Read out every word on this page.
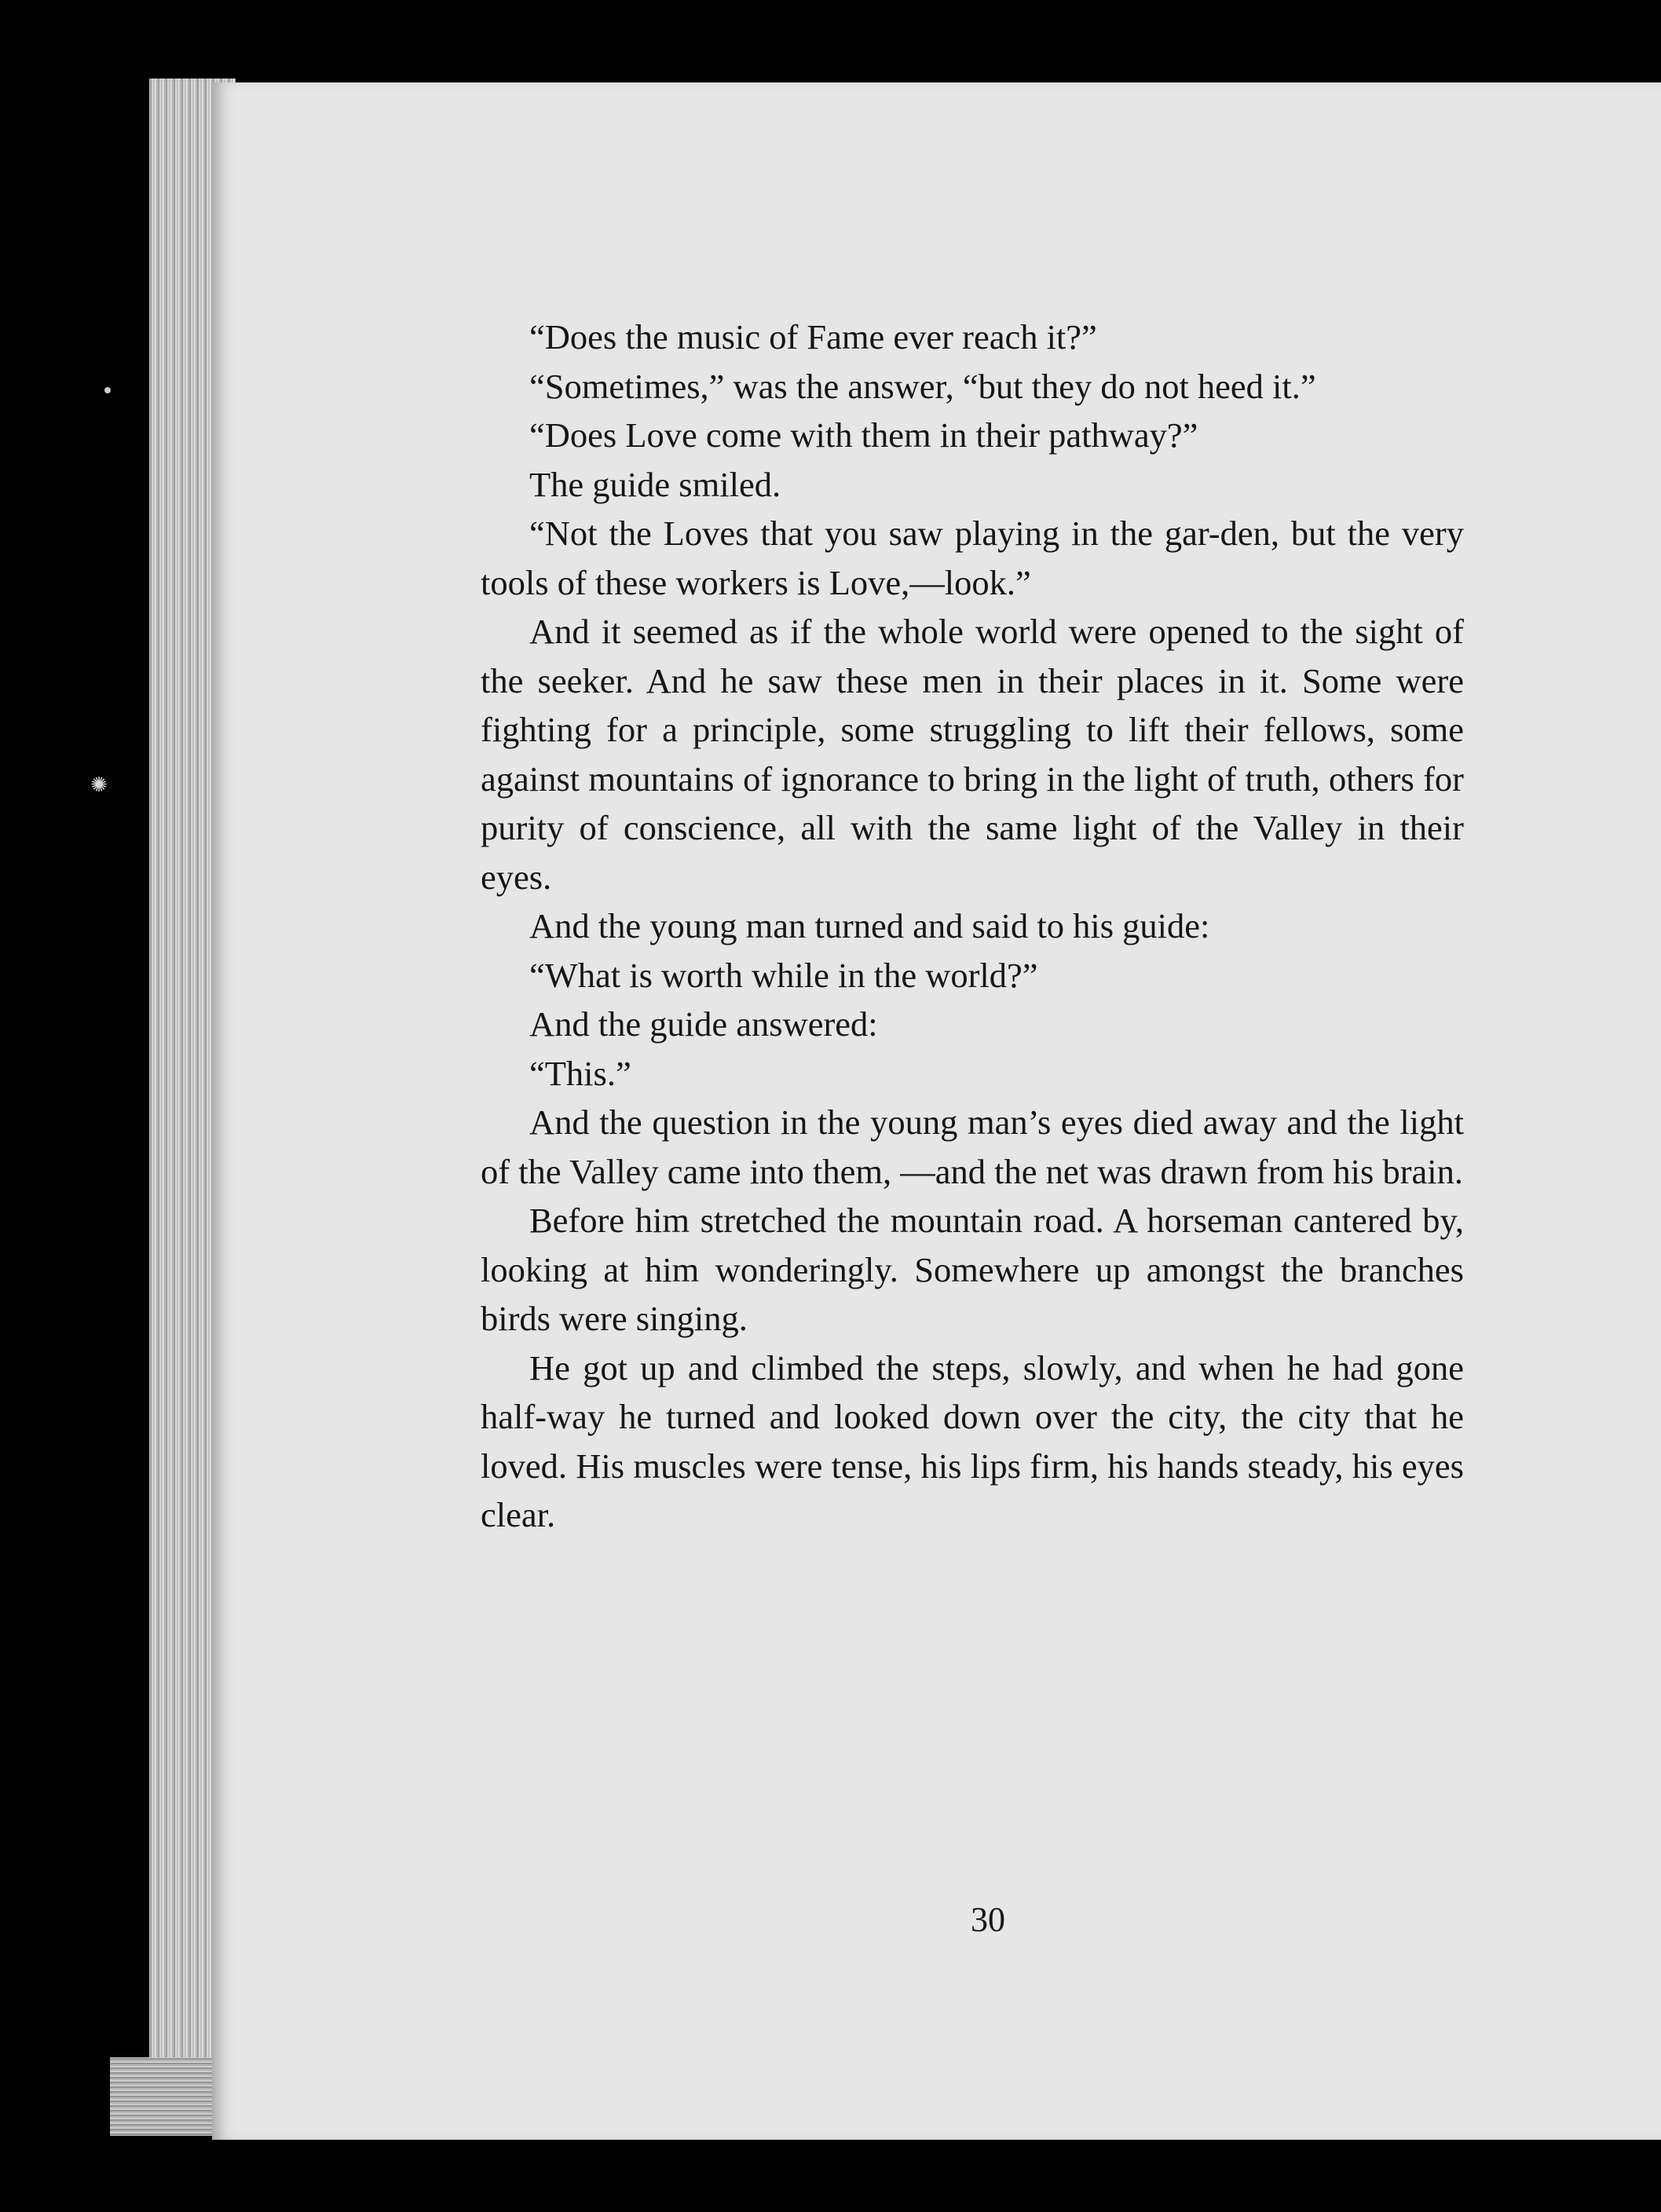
✺

“Does the music of Fame ever reach it?”

“Sometimes,” was the answer, “but they do not heed it.”

“Does Love come with them in their pathway?”

The guide smiled.

“Not the Loves that you saw playing in the gar-den, but the very tools of these workers is Love,—look.”

And it seemed as if the whole world were opened to the sight of the seeker. And he saw these men in their places in it. Some were fighting for a principle, some struggling to lift their fellows, some against mountains of ignorance to bring in the light of truth, others for purity of conscience, all with the same light of the Valley in their eyes.

And the young man turned and said to his guide:

“What is worth while in the world?”

And the guide answered:

“This.”

And the question in the young man’s eyes died away and the light of the Valley came into them, —and the net was drawn from his brain.

Before him stretched the mountain road. A horseman cantered by, looking at him wonderingly. Somewhere up amongst the branches birds were singing.

He got up and climbed the steps, slowly, and when he had gone half-way he turned and looked down over the city, the city that he loved. His muscles were tense, his lips firm, his hands steady, his eyes clear.

30
